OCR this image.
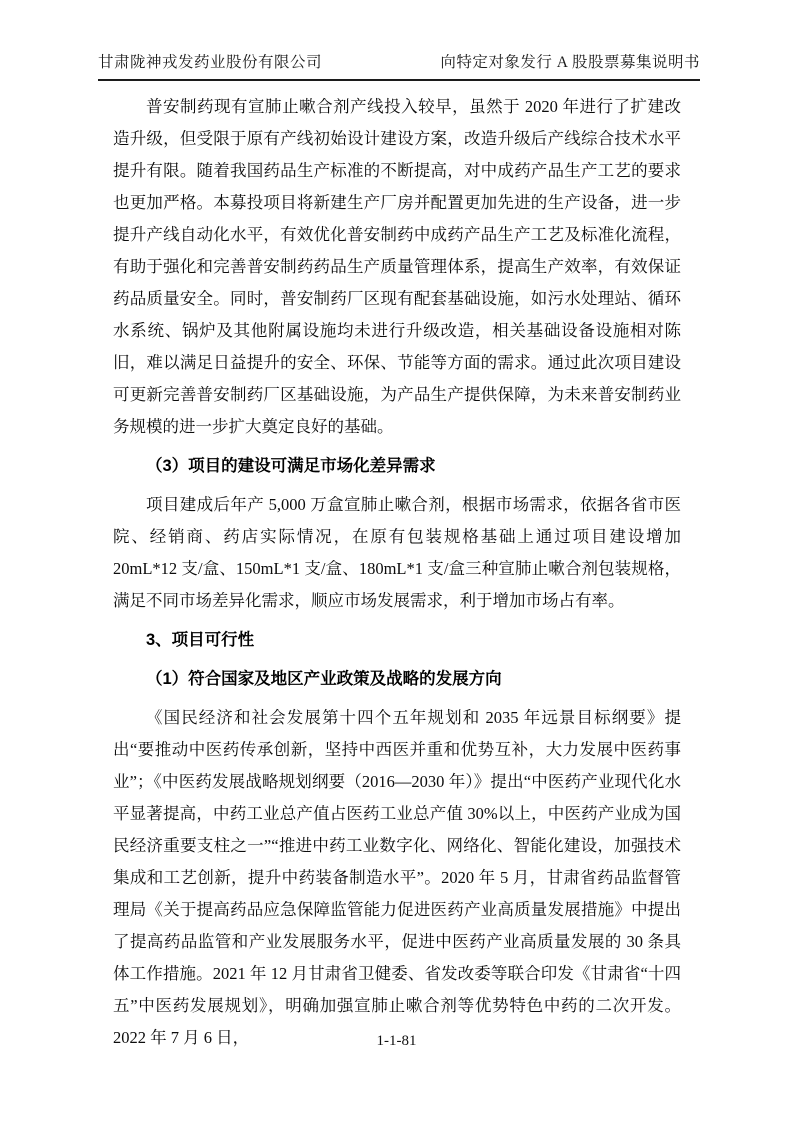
甘肃陇神戎发药业股份有限公司	向特定对象发行 A 股股票募集说明书

普安制药现有宣肺止嗽合剂产线投入较早，虽然于 2020 年进行了扩建改造升级，但受限于原有产线初始设计建设方案，改造升级后产线综合技术水平提升有限。随着我国药品生产标准的不断提高，对中成药产品生产工艺的要求也更加严格。本募投项目将新建生产厂房并配置更加先进的生产设备，进一步提升产线自动化水平，有效优化普安制药中成药产品生产工艺及标准化流程，有助于强化和完善普安制药药品生产质量管理体系，提高生产效率，有效保证药品质量安全。同时，普安制药厂区现有配套基础设施，如污水处理站、循环水系统、锅炉及其他附属设施均未进行升级改造，相关基础设备设施相对陈旧，难以满足日益提升的安全、环保、节能等方面的需求。通过此次项目建设可更新完善普安制药厂区基础设施，为产品生产提供保障，为未来普安制药业务规模的进一步扩大奠定良好的基础。

（3）项目的建设可满足市场化差异需求

项目建成后年产 5,000 万盒宣肺止嗽合剂，根据市场需求，依据各省市医院、经销商、药店实际情况，在原有包装规格基础上通过项目建设增加 20mL*12 支/盒、150mL*1 支/盒、180mL*1 支/盒三种宣肺止嗽合剂包装规格，满足不同市场差异化需求，顺应市场发展需求，利于增加市场占有率。

3、项目可行性
（1）符合国家及地区产业政策及战略的发展方向

《国民经济和社会发展第十四个五年规划和 2035 年远景目标纲要》提出“要推动中医药传承创新，坚持中西医并重和优势互补，大力发展中医药事业”；《中医药发展战略规划纲要（2016—2030 年）》提出“中医药产业现代化水平显著提高，中药工业总产值占医药工业总产值 30%以上，中医药产业成为国民经济重要支柱之一”“推进中药工业数字化、网络化、智能化建设，加强技术集成和工艺创新，提升中药装备制造水平”。2020 年 5 月，甘肃省药品监督管理局《关于提高药品应急保障监管能力促进医药产业高质量发展措施》中提出了提高药品监管和产业发展服务水平，促进中医药产业高质量发展的 30 条具体工作措施。2021 年 12 月甘肃省卫健委、省发改委等联合印发《甘肃省“十四五”中医药发展规划》，明确加强宣肺止嗽合剂等优势特色中药的二次开发。2022 年 7 月 6 日，	1-1-81
